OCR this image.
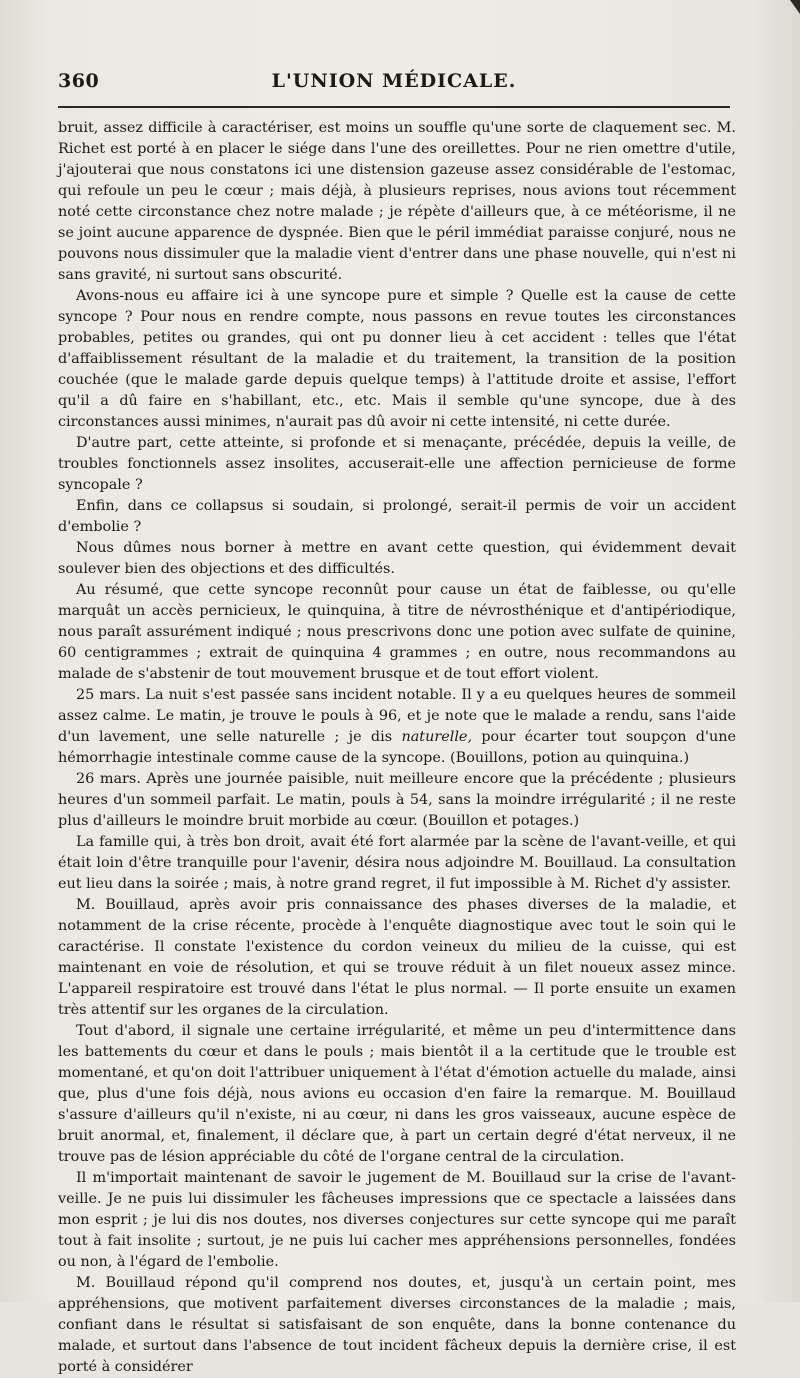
360	L'UNION MÉDICALE.

bruit, assez difficile à caractériser, est moins un souffle qu'une sorte de claquement sec. M. Richet est porté à en placer le siége dans l'une des oreillettes. Pour ne rien omettre d'utile, j'ajouterai que nous constatons ici une distension gazeuse assez considérable de l'estomac, qui refoule un peu le cœur ; mais déjà, à plusieurs reprises, nous avions tout récemment noté cette circonstance chez notre malade ; je répète d'ailleurs que, à ce météorisme, il ne se joint aucune apparence de dyspnée. Bien que le péril immédiat paraisse conjuré, nous ne pouvons nous dissimuler que la maladie vient d'entrer dans une phase nouvelle, qui n'est ni sans gravité, ni surtout sans obscurité.

Avons-nous eu affaire ici à une syncope pure et simple ? Quelle est la cause de cette syncope ? Pour nous en rendre compte, nous passons en revue toutes les circonstances probables, petites ou grandes, qui ont pu donner lieu à cet accident : telles que l'état d'affaiblissement résultant de la maladie et du traitement, la transition de la position couchée (que le malade garde depuis quelque temps) à l'attitude droite et assise, l'effort qu'il a dû faire en s'habillant, etc., etc. Mais il semble qu'une syncope, due à des circonstances aussi minimes, n'aurait pas dû avoir ni cette intensité, ni cette durée.

D'autre part, cette atteinte, si profonde et si menaçante, précédée, depuis la veille, de troubles fonctionnels assez insolites, accuserait-elle une affection pernicieuse de forme syncopale ?

Enfin, dans ce collapsus si soudain, si prolongé, serait-il permis de voir un accident d'embolie ?

Nous dûmes nous borner à mettre en avant cette question, qui évidemment devait soulever bien des objections et des difficultés.

Au résumé, que cette syncope reconnût pour cause un état de faiblesse, ou qu'elle marquât un accès pernicieux, le quinquina, à titre de névrosthénique et d'antipériodique, nous paraît assurément indiqué ; nous prescrivons donc une potion avec sulfate de quinine, 60 centigrammes ; extrait de quinquina 4 grammes ; en outre, nous recommandons au malade de s'abstenir de tout mouvement brusque et de tout effort violent.

25 mars. La nuit s'est passée sans incident notable. Il y a eu quelques heures de sommeil assez calme. Le matin, je trouve le pouls à 96, et je note que le malade a rendu, sans l'aide d'un lavement, une selle naturelle ; je dis naturelle, pour écarter tout soupçon d'une hémorrhagie intestinale comme cause de la syncope. (Bouillons, potion au quinquina.)

26 mars. Après une journée paisible, nuit meilleure encore que la précédente ; plusieurs heures d'un sommeil parfait. Le matin, pouls à 54, sans la moindre irrégularité ; il ne reste plus d'ailleurs le moindre bruit morbide au cœur. (Bouillon et potages.)

La famille qui, à très bon droit, avait été fort alarmée par la scène de l'avant-veille, et qui était loin d'être tranquille pour l'avenir, désira nous adjoindre M. Bouillaud. La consultation eut lieu dans la soirée ; mais, à notre grand regret, il fut impossible à M. Richet d'y assister.

M. Bouillaud, après avoir pris connaissance des phases diverses de la maladie, et notamment de la crise récente, procède à l'enquête diagnostique avec tout le soin qui le caractérise. Il constate l'existence du cordon veineux du milieu de la cuisse, qui est maintenant en voie de résolution, et qui se trouve réduit à un filet noueux assez mince. L'appareil respiratoire est trouvé dans l'état le plus normal. — Il porte ensuite un examen très attentif sur les organes de la circulation.

Tout d'abord, il signale une certaine irrégularité, et même un peu d'intermittence dans les battements du cœur et dans le pouls ; mais bientôt il a la certitude que le trouble est momentané, et qu'on doit l'attribuer uniquement à l'état d'émotion actuelle du malade, ainsi que, plus d'une fois déjà, nous avions eu occasion d'en faire la remarque. M. Bouillaud s'assure d'ailleurs qu'il n'existe, ni au cœur, ni dans les gros vaisseaux, aucune espèce de bruit anormal, et, finalement, il déclare que, à part un certain degré d'état nerveux, il ne trouve pas de lésion appréciable du côté de l'organe central de la circulation.

Il m'importait maintenant de savoir le jugement de M. Bouillaud sur la crise de l'avant-veille. Je ne puis lui dissimuler les fâcheuses impressions que ce spectacle a laissées dans mon esprit ; je lui dis nos doutes, nos diverses conjectures sur cette syncope qui me paraît tout à fait insolite ; surtout, je ne puis lui cacher mes appréhensions personnelles, fondées ou non, à l'égard de l'embolie.

M. Bouillaud répond qu'il comprend nos doutes, et, jusqu'à un certain point, mes appréhensions, que motivent parfaitement diverses circonstances de la maladie ; mais, confiant dans le résultat si satisfaisant de son enquête, dans la bonne contenance du malade, et surtout dans l'absence de tout incident fâcheux depuis la dernière crise, il est porté à considérer
